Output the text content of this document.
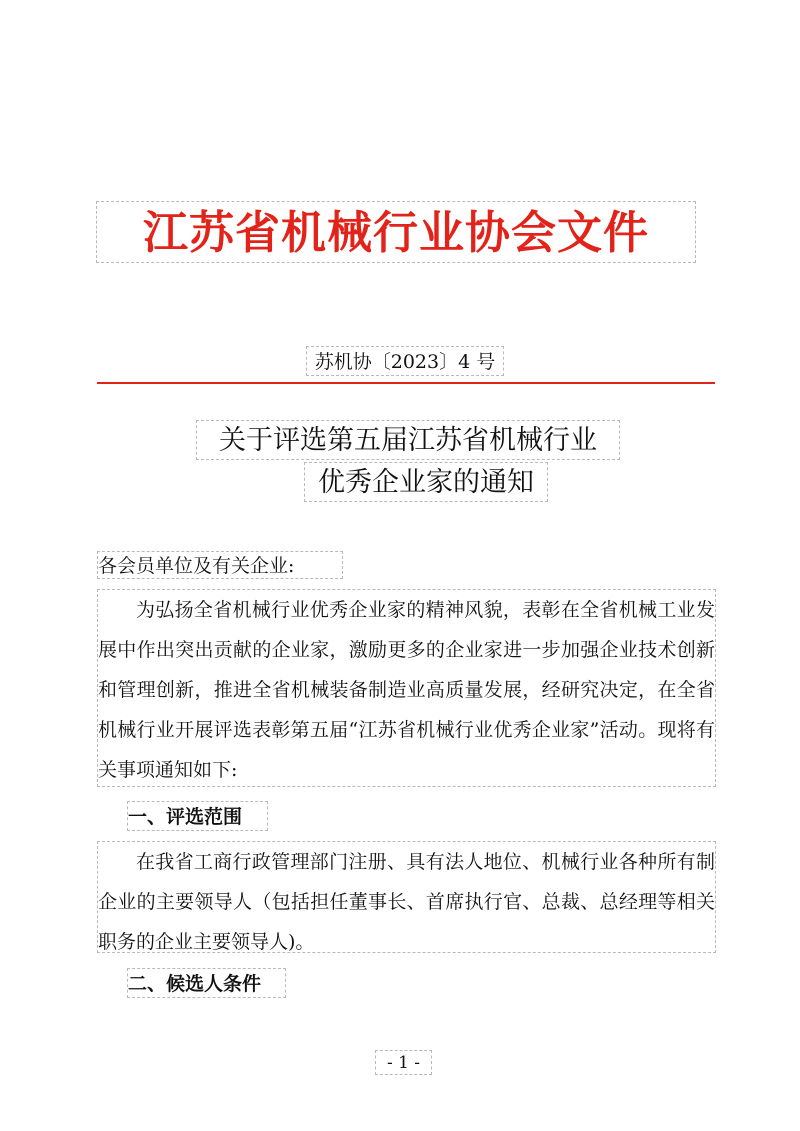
江苏省机械行业协会文件
苏机协〔2023〕4 号
关于评选第五届江苏省机械行业
优秀企业家的通知
各会员单位及有关企业:
为弘扬全省机械行业优秀企业家的精神风貌，表彰在全省机械工业发展中作出突出贡献的企业家，激励更多的企业家进一步加强企业技术创新和管理创新，推进全省机械装备制造业高质量发展，经研究决定，在全省机械行业开展评选表彰第五届“江苏省机械行业优秀企业家”活动。现将有关事项通知如下:
一、评选范围
在我省工商行政管理部门注册、具有法人地位、机械行业各种所有制企业的主要领导人（包括担任董事长、首席执行官、总裁、总经理等相关职务的企业主要领导人)。
二、候选人条件
- 1 -
